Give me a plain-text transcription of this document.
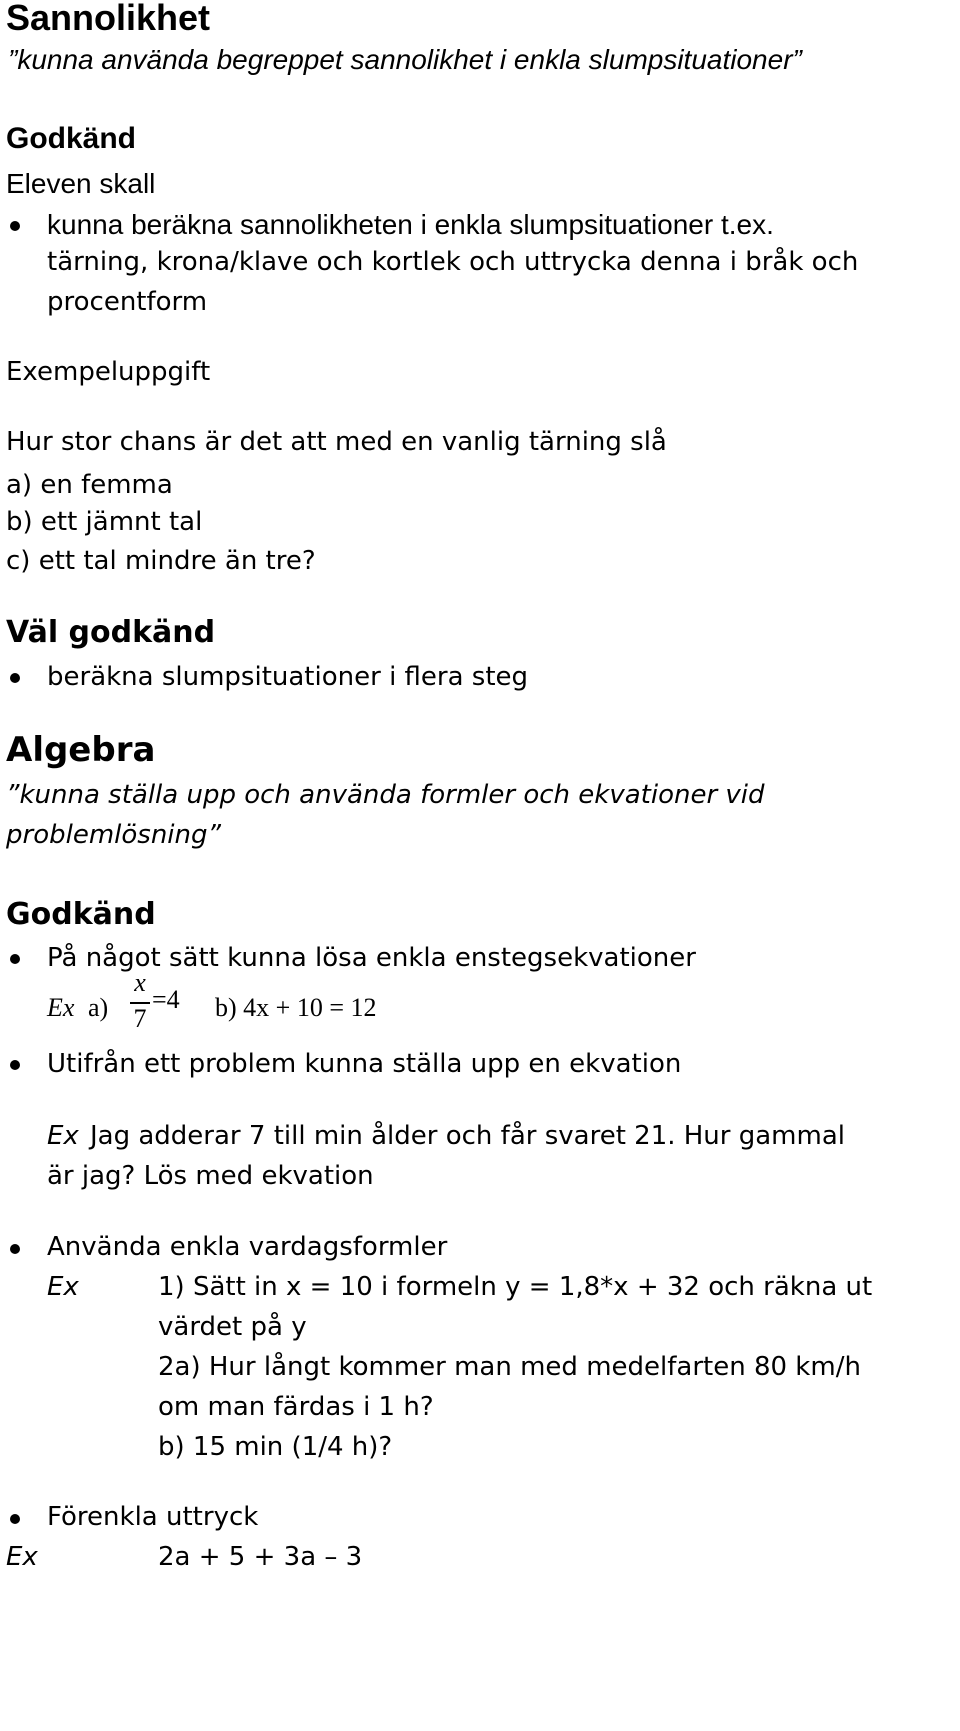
Sannolikhet
”kunna använda begreppet sannolikhet i enkla slumpsituationer”
Godkänd
Eleven skall
kunna beräkna sannolikheten i enkla slumpsituationer t.ex.
tärning, krona/klave och kortlek och uttrycka denna i bråk och
procentform
Exempeluppgift
Hur stor chans är det att med en vanlig tärning slå
a) en femma
b) ett jämnt tal
c) ett tal mindre än tre?
Väl godkänd
beräkna slumpsituationer i flera steg
Algebra
”kunna ställa upp och använda formler och ekvationer vid
problemlösning”
Godkänd
På något sätt kunna lösa enkla enstegsekvationer
Ex a)
x
7
=4 b) 4x + 10 = 12
Utifrån ett problem kunna ställa upp en ekvation
Ex Jag adderar 7 till min ålder och får svaret 21. Hur gammal
är jag? Lös med ekvation
Använda enkla vardagsformler
Ex	1) Sätt in x = 10 i formeln y = 1,8*x + 32 och räkna ut
värdet på y
2a) Hur långt kommer man med medelfarten 80 km/h
om man färdas i 1 h?
b) 15 min (1/4 h)?
Förenkla uttryck
Ex	2a + 5 + 3a – 3
